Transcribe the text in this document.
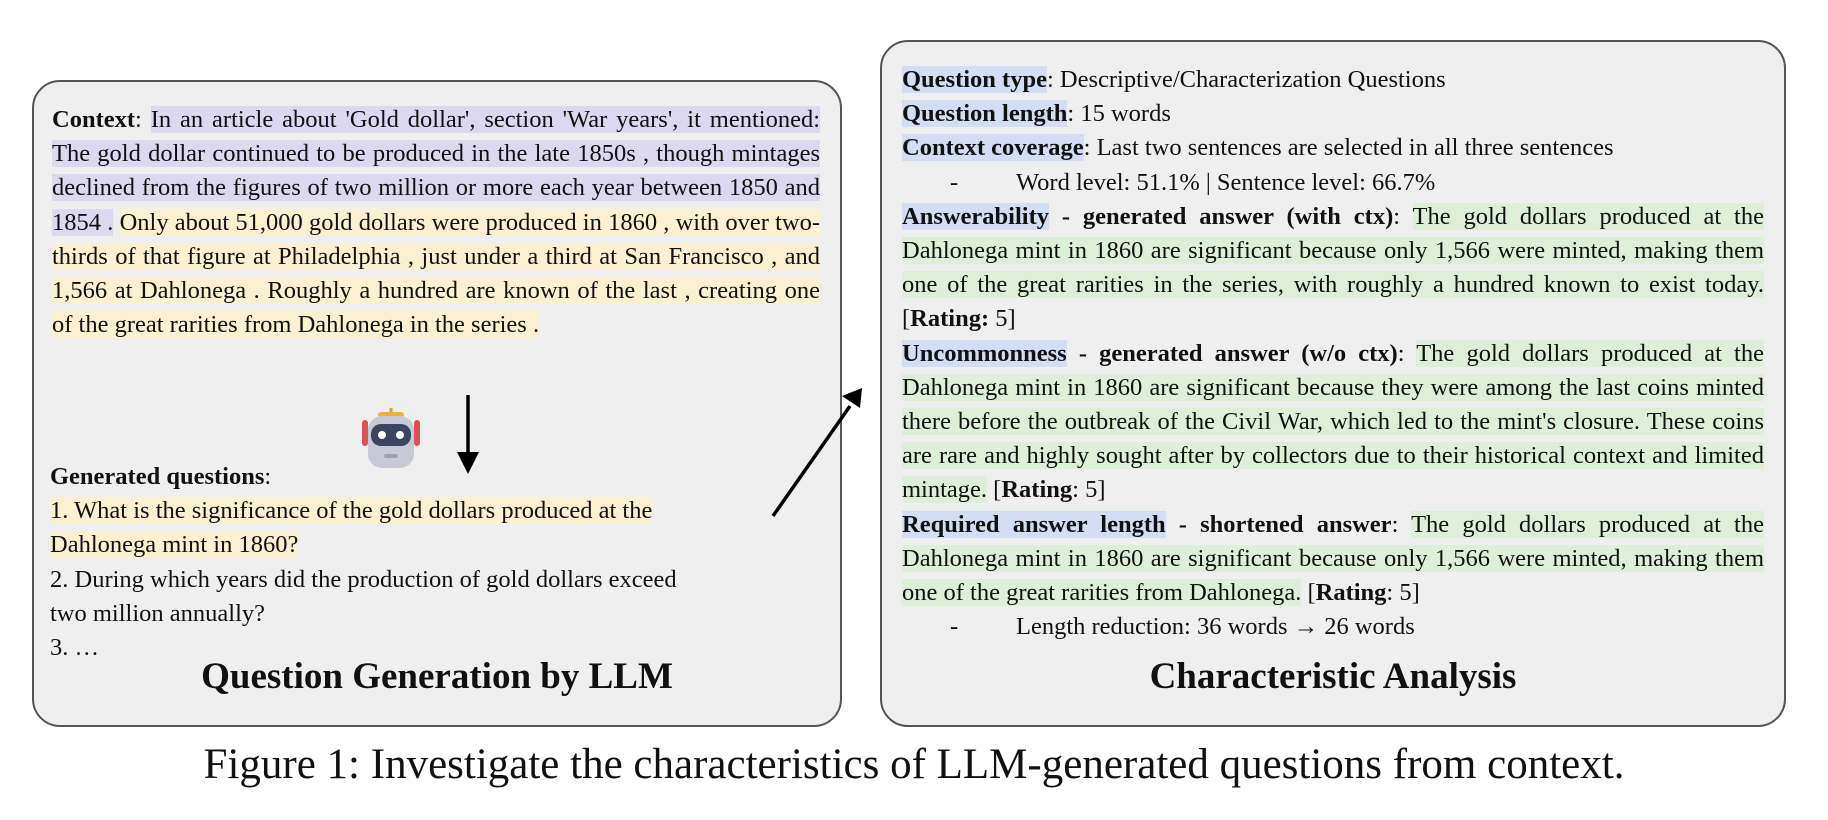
Context: In an article about 'Gold dollar', section 'War years', it mentioned: The gold dollar continued to be produced in the late 1850s , though mintages declined from the figures of two million or more each year between 1850 and 1854 . Only about 51,000 gold dollars were produced in 1860 , with over two-thirds of that figure at Philadelphia , just under a third at San Francisco , and 1,566 at Dahlonega . Roughly a hundred are known of the last , creating one of the great rarities from Dahlonega in the series .

Generated questions:
1. What is the significance of the gold dollars produced at the
Dahlonega mint in 1860?
2. During which years did the production of gold dollars exceed
two million annually?
3. …

Question Generation by LLM

Question type: Descriptive/Characterization Questions
Question length: 15 words
Context coverage: Last two sentences are selected in all three sentences
- Word level: 51.1% | Sentence level: 66.7%
Answerability - generated answer (with ctx): The gold dollars produced at the Dahlonega mint in 1860 are significant because only 1,566 were minted, making them one of the great rarities in the series, with roughly a hundred known to exist today. [Rating: 5]
Uncommonness - generated answer (w/o ctx): The gold dollars produced at the Dahlonega mint in 1860 are significant because they were among the last coins minted there before the outbreak of the Civil War, which led to the mint's closure. These coins are rare and highly sought after by collectors due to their historical context and limited mintage. [Rating: 5]
Required answer length - shortened answer: The gold dollars produced at the Dahlonega mint in 1860 are significant because only 1,566 were minted, making them one of the great rarities from Dahlonega. [Rating: 5]
- Length reduction: 36 words → 26 words

Characteristic Analysis

Figure 1: Investigate the characteristics of LLM-generated questions from context.
